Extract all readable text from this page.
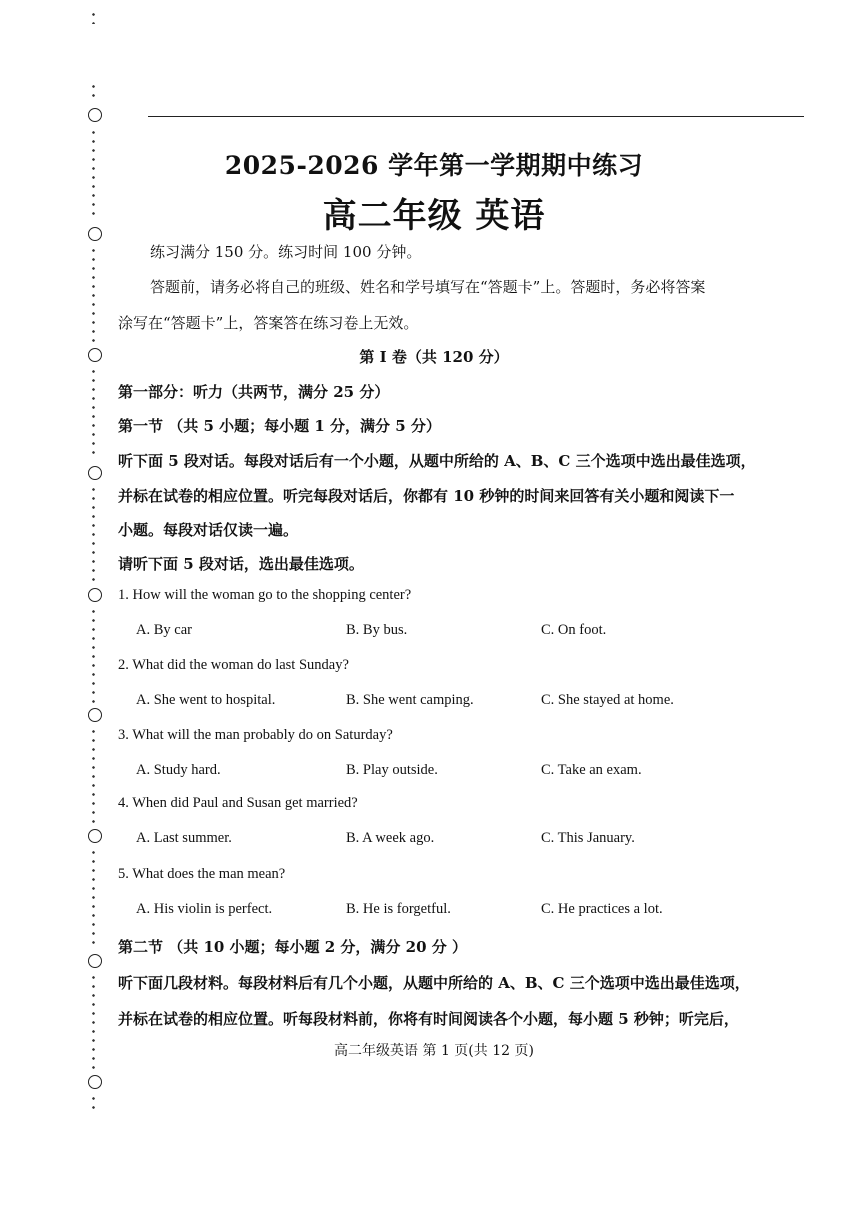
2025-2026 学年第一学期期中练习
高二年级 英语
练习满分 150 分。练习时间 100 分钟。
答题前，请务必将自己的班级、姓名和学号填写在“答题卡”上。答题时，务必将答案
涂写在“答题卡”上，答案答在练习卷上无效。
第 I 卷（共 120 分）
第一部分：听力（共两节，满分 25 分）
第一节 （共 5 小题；每小题 1 分，满分 5 分）
听下面 5 段对话。每段对话后有一个小题，从题中所给的 A、B、C 三个选项中选出最佳选项，
并标在试卷的相应位置。听完每段对话后，你都有 10 秒钟的时间来回答有关小题和阅读下一
小题。每段对话仅读一遍。
请听下面 5 段对话，选出最佳选项。
1. How will the woman go to the shopping center?
A. By car	B. By bus.	C. On foot.
2. What did the woman do last Sunday?
A. She went to hospital.	B. She went camping.	C. She stayed at home.
3. What will the man probably do on Saturday?
A. Study hard.	B. Play outside.	C. Take an exam.
4. When did Paul and Susan get married?
A. Last summer.	B. A week ago.	C. This January.
5. What does the man mean?
A. His violin is perfect.	B. He is forgetful.	C. He practices a lot.
第二节 （共 10 小题；每小题 2 分，满分 20 分 ）
听下面几段材料。每段材料后有几个小题，从题中所给的 A、B、C 三个选项中选出最佳选项，
并标在试卷的相应位置。听每段材料前，你将有时间阅读各个小题，每小题 5 秒钟；听完后，
高二年级英语 第 1 页(共 12 页)
